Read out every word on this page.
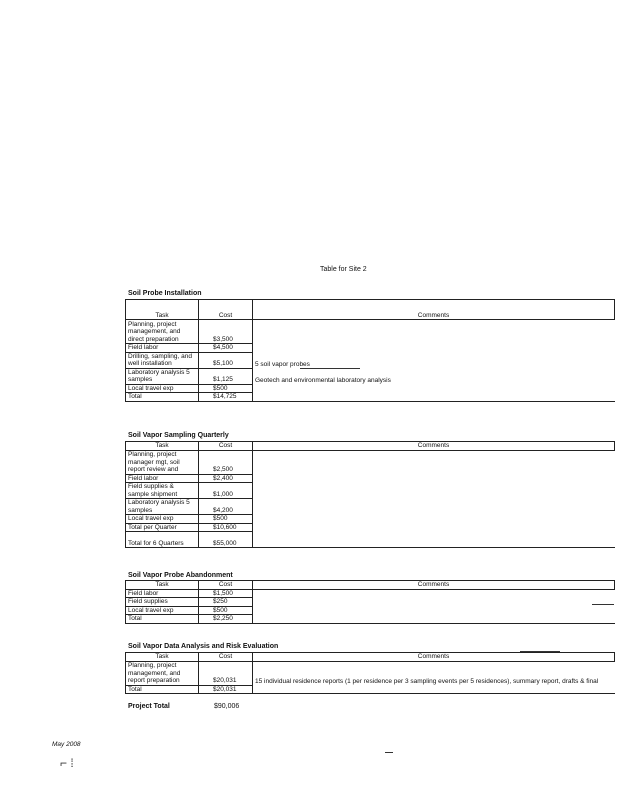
Table for Site 2
Soil Probe Installation
Task	Cost	Comments
Planning, project management, and direct preparation	$3,500	
Field labor	$4,500	
Drilling, sampling, and well installation	$5,100	5 soil vapor probes
Laboratory analysis 5 samples	$1,125	Geotech and environmental laboratory analysis
Local travel exp	$500	
Total	$14,725	
Soil Vapor Sampling Quarterly
Task	Cost	Comments
Planning, project manager mgt, soil report review and	$2,500	
Field labor	$2,400	
Field supplies & sample shipment	$1,000	
Laboratory analysis 5 samples	$4,200	
Local travel exp	$500	
Total per Quarter	$10,600	
Total for 6 Quarters	$55,000	
Soil Vapor Probe Abandonment
Task	Cost	Comments
Field labor	$1,500	
Field supplies	$250	
Local travel exp	$500	
Total	$2,250	
Soil Vapor Data Analysis and Risk Evaluation
Task	Cost	Comments
Planning, project management, and report preparation	$20,031	15 individual residence reports (1 per residence per 3 sampling events per 5 residences), summary report, drafts & final
Total	$20,031	
Project Total	$90,006
May 2008
⌐ ⁞
